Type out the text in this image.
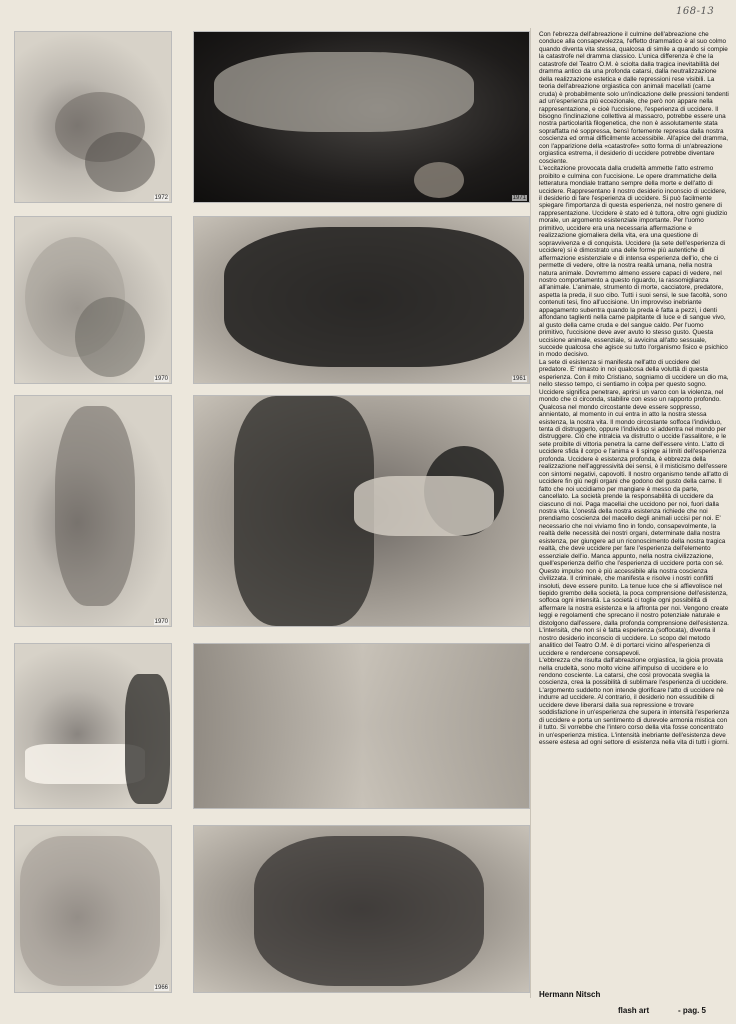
168-13
1972	1971
1970	1961
1970
1966

Con l'ebrezza dell'abreazione il culmine dell'abreazione che conduce alla consapevolezza, l'effetto drammatico è al suo colmo quando diventa vita stessa, qualcosa di simile a quando si compie la catastrofe nel dramma classico. L'unica differenza è che la catastrofe del Teatro O.M. è sciolta dalla tragica inevitabilità del dramma antico da una profonda catarsi, dalla neutralizzazione della realizzazione estetica e dalle repressioni rese visibili. La teoria dell'abreazione orgiastica con animali macellati (carne cruda) è probabilmente solo un'indicazione delle pressioni tendenti ad un'esperienza più eccezionale, che però non appare nella rappresentazione, e cioè l'uccisione, l'esperienza di uccidere. Il bisogno l'inclinazione collettiva al massacro, potrebbe essere una nostra particolarità filogenetica, che non è assolutamente stata sopraffatta né soppressa, bensì fortemente repressa dalla nostra coscienza ed ormai difficilmente accessibile. All'apice del dramma, con l'apparizione della «catastrofe» sotto forma di un'abreazione orgiastica estrema, il desiderio di uccidere potrebbe diventare cosciente.

L'eccitazione provocata dalla crudeltà ammette l'atto estremo proibito e culmina con l'uccisione. Le opere drammatiche della letteratura mondiale trattano sempre della morte e dell'atto di uccidere. Rappresentano il nostro desiderio inconscio di uccidere, il desiderio di fare l'esperienza di uccidere. Si può facilmente spiegare l'importanza di questa esperienza, nel nostro genere di rappresentazione. Uccidere è stato ed è tuttora, oltre ogni giudizio morale, un argomento esistenziale importante. Per l'uomo primitivo, uccidere era una necessaria affermazione e realizzazione giornaliera della vita, era una questione di sopravvivenza e di conquista. Uccidere (la sete dell'esperienza di uccidere) si è dimostrato una delle forme più autentiche di affermazione esistenziale e di intensa esperienza dell'io, che ci permette di vedere, oltre la nostra realtà umana, nella nostra natura animale. Dovremmo almeno essere capaci di vedere, nel nostro comportamento a questo riguardo, la rassomiglianza all'animale. L'animale, strumento di morte, cacciatore, predatore, aspetta la preda, il suo cibo. Tutti i suoi sensi, le sue facoltà, sono contenuti tesi, fino all'uccisione. Un improvviso inebriante appagamento subentra quando la preda è fatta a pezzi, i denti affondano taglienti nella carne palpitante di luce e di sangue vivo, al gusto della carne cruda e del sangue caldo. Per l'uomo primitivo, l'uccisione deve aver avuto lo stesso gusto. Questa uccisione animale, essenziale, si avvicina all'atto sessuale, succede qualcosa che agisce su tutto l'organismo fisico e psichico in modo decisivo.

La sete di esistenza si manifesta nell'atto di uccidere del predatore. E' rimasto in noi qualcosa della voluttà di questa esperienza. Con il mito Cristiano, sogniamo di uccidere un dio ma, nello stesso tempo, ci sentiamo in colpa per questo sogno. Uccidere significa penetrare, aprirsi un varco con la violenza, nel mondo che ci circonda, stabilire con esso un rapporto profondo. Qualcosa nel mondo circostante deve essere soppresso, annientato, al momento in cui entra in atto la nostra stessa esistenza, la nostra vita. Il mondo circostante soffoca l'individuo, tenta di distruggerlo, oppure l'individuo si addentra nel mondo per distruggere. Ciò che intralcia va distrutto o uccide l'assalitore, e le sete proibite di vittoria penetra la carne dell'essere vinto. L'atto di uccidere sfida il corpo e l'anima e li spinge ai limiti dell'esperienza profonda. Uccidere è esistenza profonda, è ebbrezza della realizzazione nell'aggressività dei sensi, è il misticismo dell'essere con sintomi negativi, capovolti. Il nostro organismo tende all'atto di uccidere fin giù negli organi che godono del gusto della carne. Il fatto che noi uccidiamo per mangiare è messo da parte, cancellato. La società prende la responsabilità di uccidere da ciascuno di noi. Paga macellai che uccidono per noi, fuori dalla nostra vita. L'onestà della nostra esistenza richiede che noi prendiamo coscienza del macello degli animali uccisi per noi. E' necessario che noi viviamo fino in fondo, consapevolmente, la realtà delle necessità dei nostri organi, determinate dalla nostra esistenza, per giungere ad un riconoscimento della nostra tragica realtà, che deve uccidere per fare l'esperienza dell'elemento essenziale dell'io. Manca appunto, nella nostra civilizzazione, quell'esperienza dell'io che l'esperienza di uccidere porta con sé. Questo impulso non è più accessibile alla nostra coscienza civilizzata. Il criminale, che manifesta e risolve i nostri conflitti insoluti, deve essere punito. La tenue luce che si affievolisce nel tiepido grembo della società, la poca comprensione dell'esistenza, soffoca ogni intensità. La società ci toglie ogni possibilità di affermare la nostra esistenza e la affronta per noi. Vengono create leggi e regolamenti che sprecano il nostro potenziale naturale e distolgono dall'essere, dalla profonda comprensione dell'esistenza. L'intensità, che non si è fatta esperienza (soffocata), diventa il nostro desiderio inconscio di uccidere. Lo scopo del metodo analitico del Teatro O.M. è di portarci vicino all'esperienza di uccidere e rendercene consapevoli.

L'ebbrezza che risulta dall'abreazione orgiastica, la gioia provata nella crudeltà, sono molto vicine all'impulso di uccidere e lo rendono cosciente. La catarsi, che così provocata sveglia la coscienza, crea la possibilità di sublimare l'esperienza di uccidere. L'argomento suddetto non intende glorificare l'atto di uccidere nè indurre ad uccidere. Al contrario, il desiderio non essudibile di uccidere deve liberarsi dalla sua repressione e trovare soddisfazione in un'esperienza che supera in intensità l'esperienza di uccidere e porta un sentimento di durevole armonia mistica con il tutto. Si vorrebbe che l'intero corso della vita fosse concentrato in un'esperienza mistica. L'intensità inebriante dell'esistenza deve essere estesa ad ogni settore di esistenza nella vita di tutti i giorni.

Hermann Nitsch
flash art	- pag. 5
